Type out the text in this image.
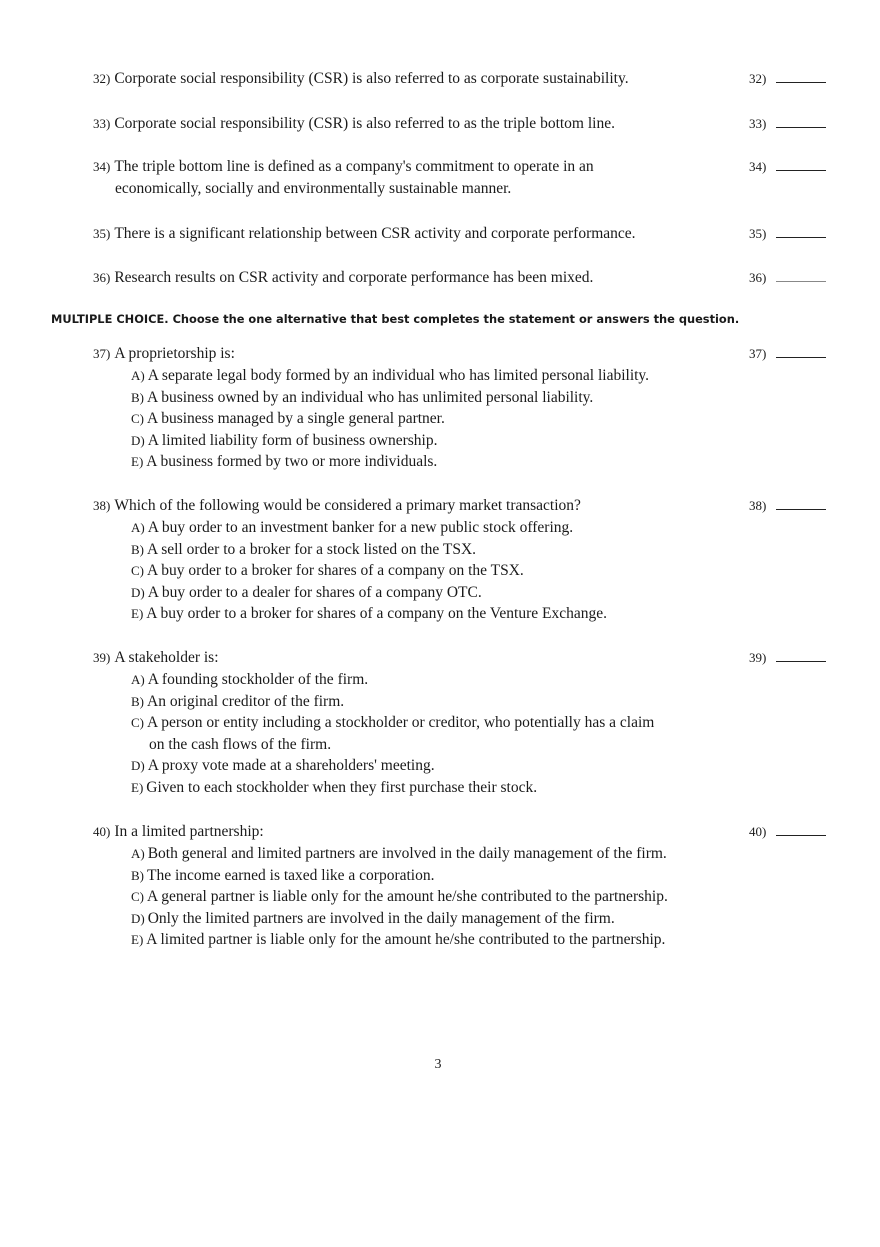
32) Corporate social responsibility (CSR) is also referred to as corporate sustainability.	32)
33) Corporate social responsibility (CSR) is also referred to as the triple bottom line.	33)
34) The triple bottom line is defined as a company's commitment to operate in an
economically, socially and environmentally sustainable manner.
34)
35) There is a significant relationship between CSR activity and corporate performance.	35)
36) Research results on CSR activity and corporate performance has been mixed.	36)
MULTIPLE CHOICE. Choose the one alternative that best completes the statement or answers the question.
37) A proprietorship is:	37)
A) A separate legal body formed by an individual who has limited personal liability.
B) A business owned by an individual who has unlimited personal liability.
C) A business managed by a single general partner.
D) A limited liability form of business ownership.
E) A business formed by two or more individuals.
38) Which of the following would be considered a primary market transaction?	38)
A) A buy order to an investment banker for a new public stock offering.
B) A sell order to a broker for a stock listed on the TSX.
C) A buy order to a broker for shares of a company on the TSX.
D) A buy order to a dealer for shares of a company OTC.
E) A buy order to a broker for shares of a company on the Venture Exchange.
39) A stakeholder is:	39)
A) A founding stockholder of the firm.
B) An original creditor of the firm.
C) A person or entity including a stockholder or creditor, who potentially has a claim
on the cash flows of the firm.
D) A proxy vote made at a shareholders' meeting.
E) Given to each stockholder when they first purchase their stock.
40) In a limited partnership:	40)
A) Both general and limited partners are involved in the daily management of the firm.
B) The income earned is taxed like a corporation.
C) A general partner is liable only for the amount he/she contributed to the partnership.
D) Only the limited partners are involved in the daily management of the firm.
E) A limited partner is liable only for the amount he/she contributed to the partnership.
3
